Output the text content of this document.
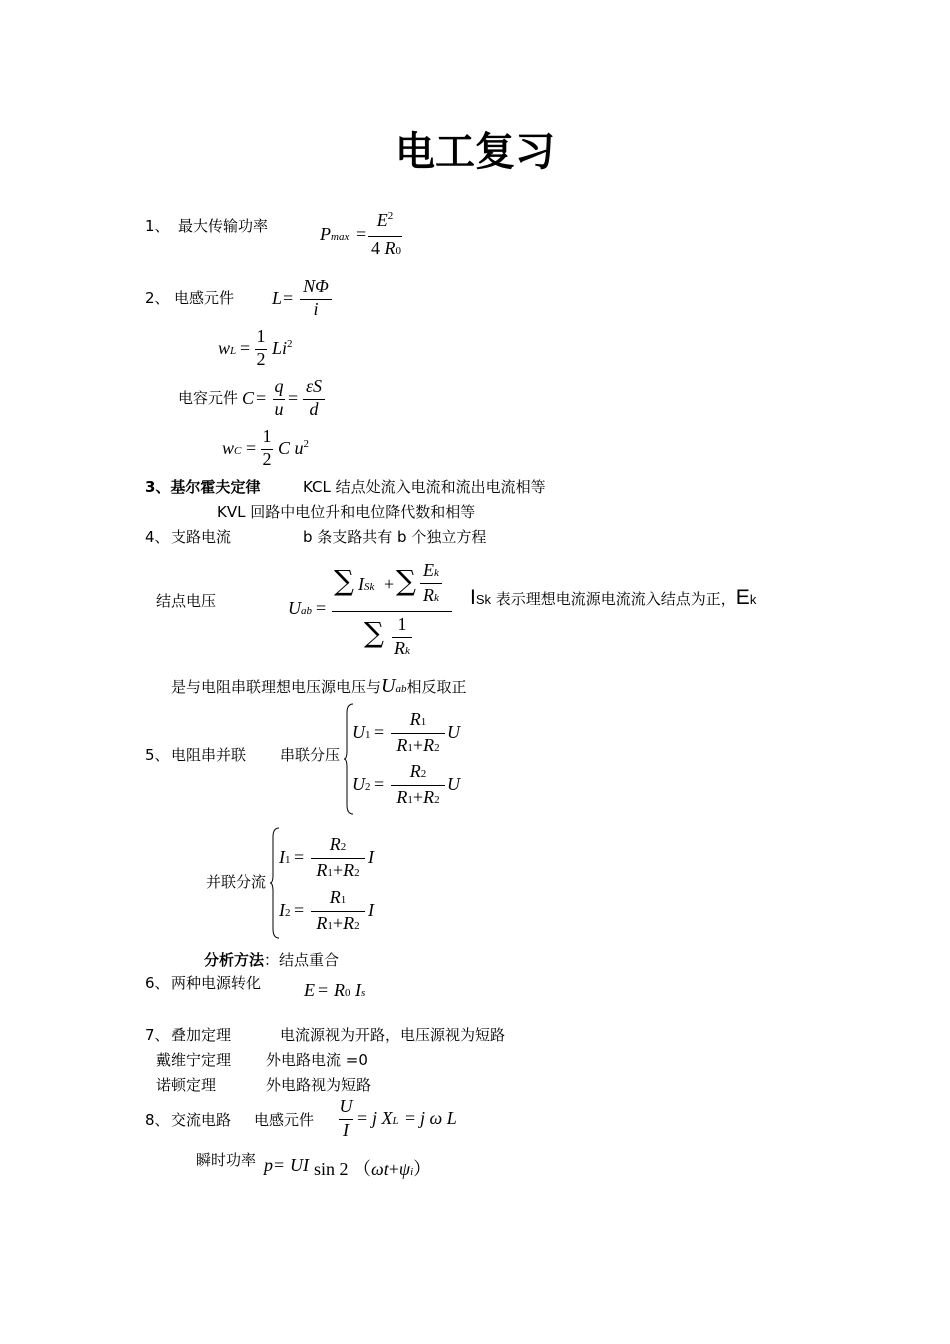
电工复习
1、 最大传输功率	Pmax =
$E^2$
4 R0
2、 电感元件 L =
NΦ
i
wL =
1
2
Li$^2$
电容元件 C =
q
u
=
εS
d
wC =
1
2
C $u^2$
3、基尔霍夫定律	KCL 结点处流入电流和流出电流相等
KVL 回路中电位升和电位降代数和相等
4、 支路电流	b 条支路共有 b 个独立方程
结点电压	Uab =
∑ ISk + ∑ Ek
Rk
∑ 1
Rk
ISk 表示理想电流源电流流入结点为正，Ek
是与电阻串联理想电压源电压与Uab相反取正
5、 电阻串并联 串联分压
U1 =
R1
R1+R2
U
U2 =
R2
R1+R2
U
并联分流
I1 =
R2
R1+R2
I
I2 =
R1
R1+R2
I
分析方法：结点重合
6、 两种电源转化 E = R0 Is
7、 叠加定理	电流源视为开路，电压源视为短路
戴维宁定理 外电路电流 =0
诺顿定理	外电路视为短路
8、 交流电路 电感元件
U
I
= j XL = j ω L
瞬时功率 p = UI sin 2 （ωt+ψi）
